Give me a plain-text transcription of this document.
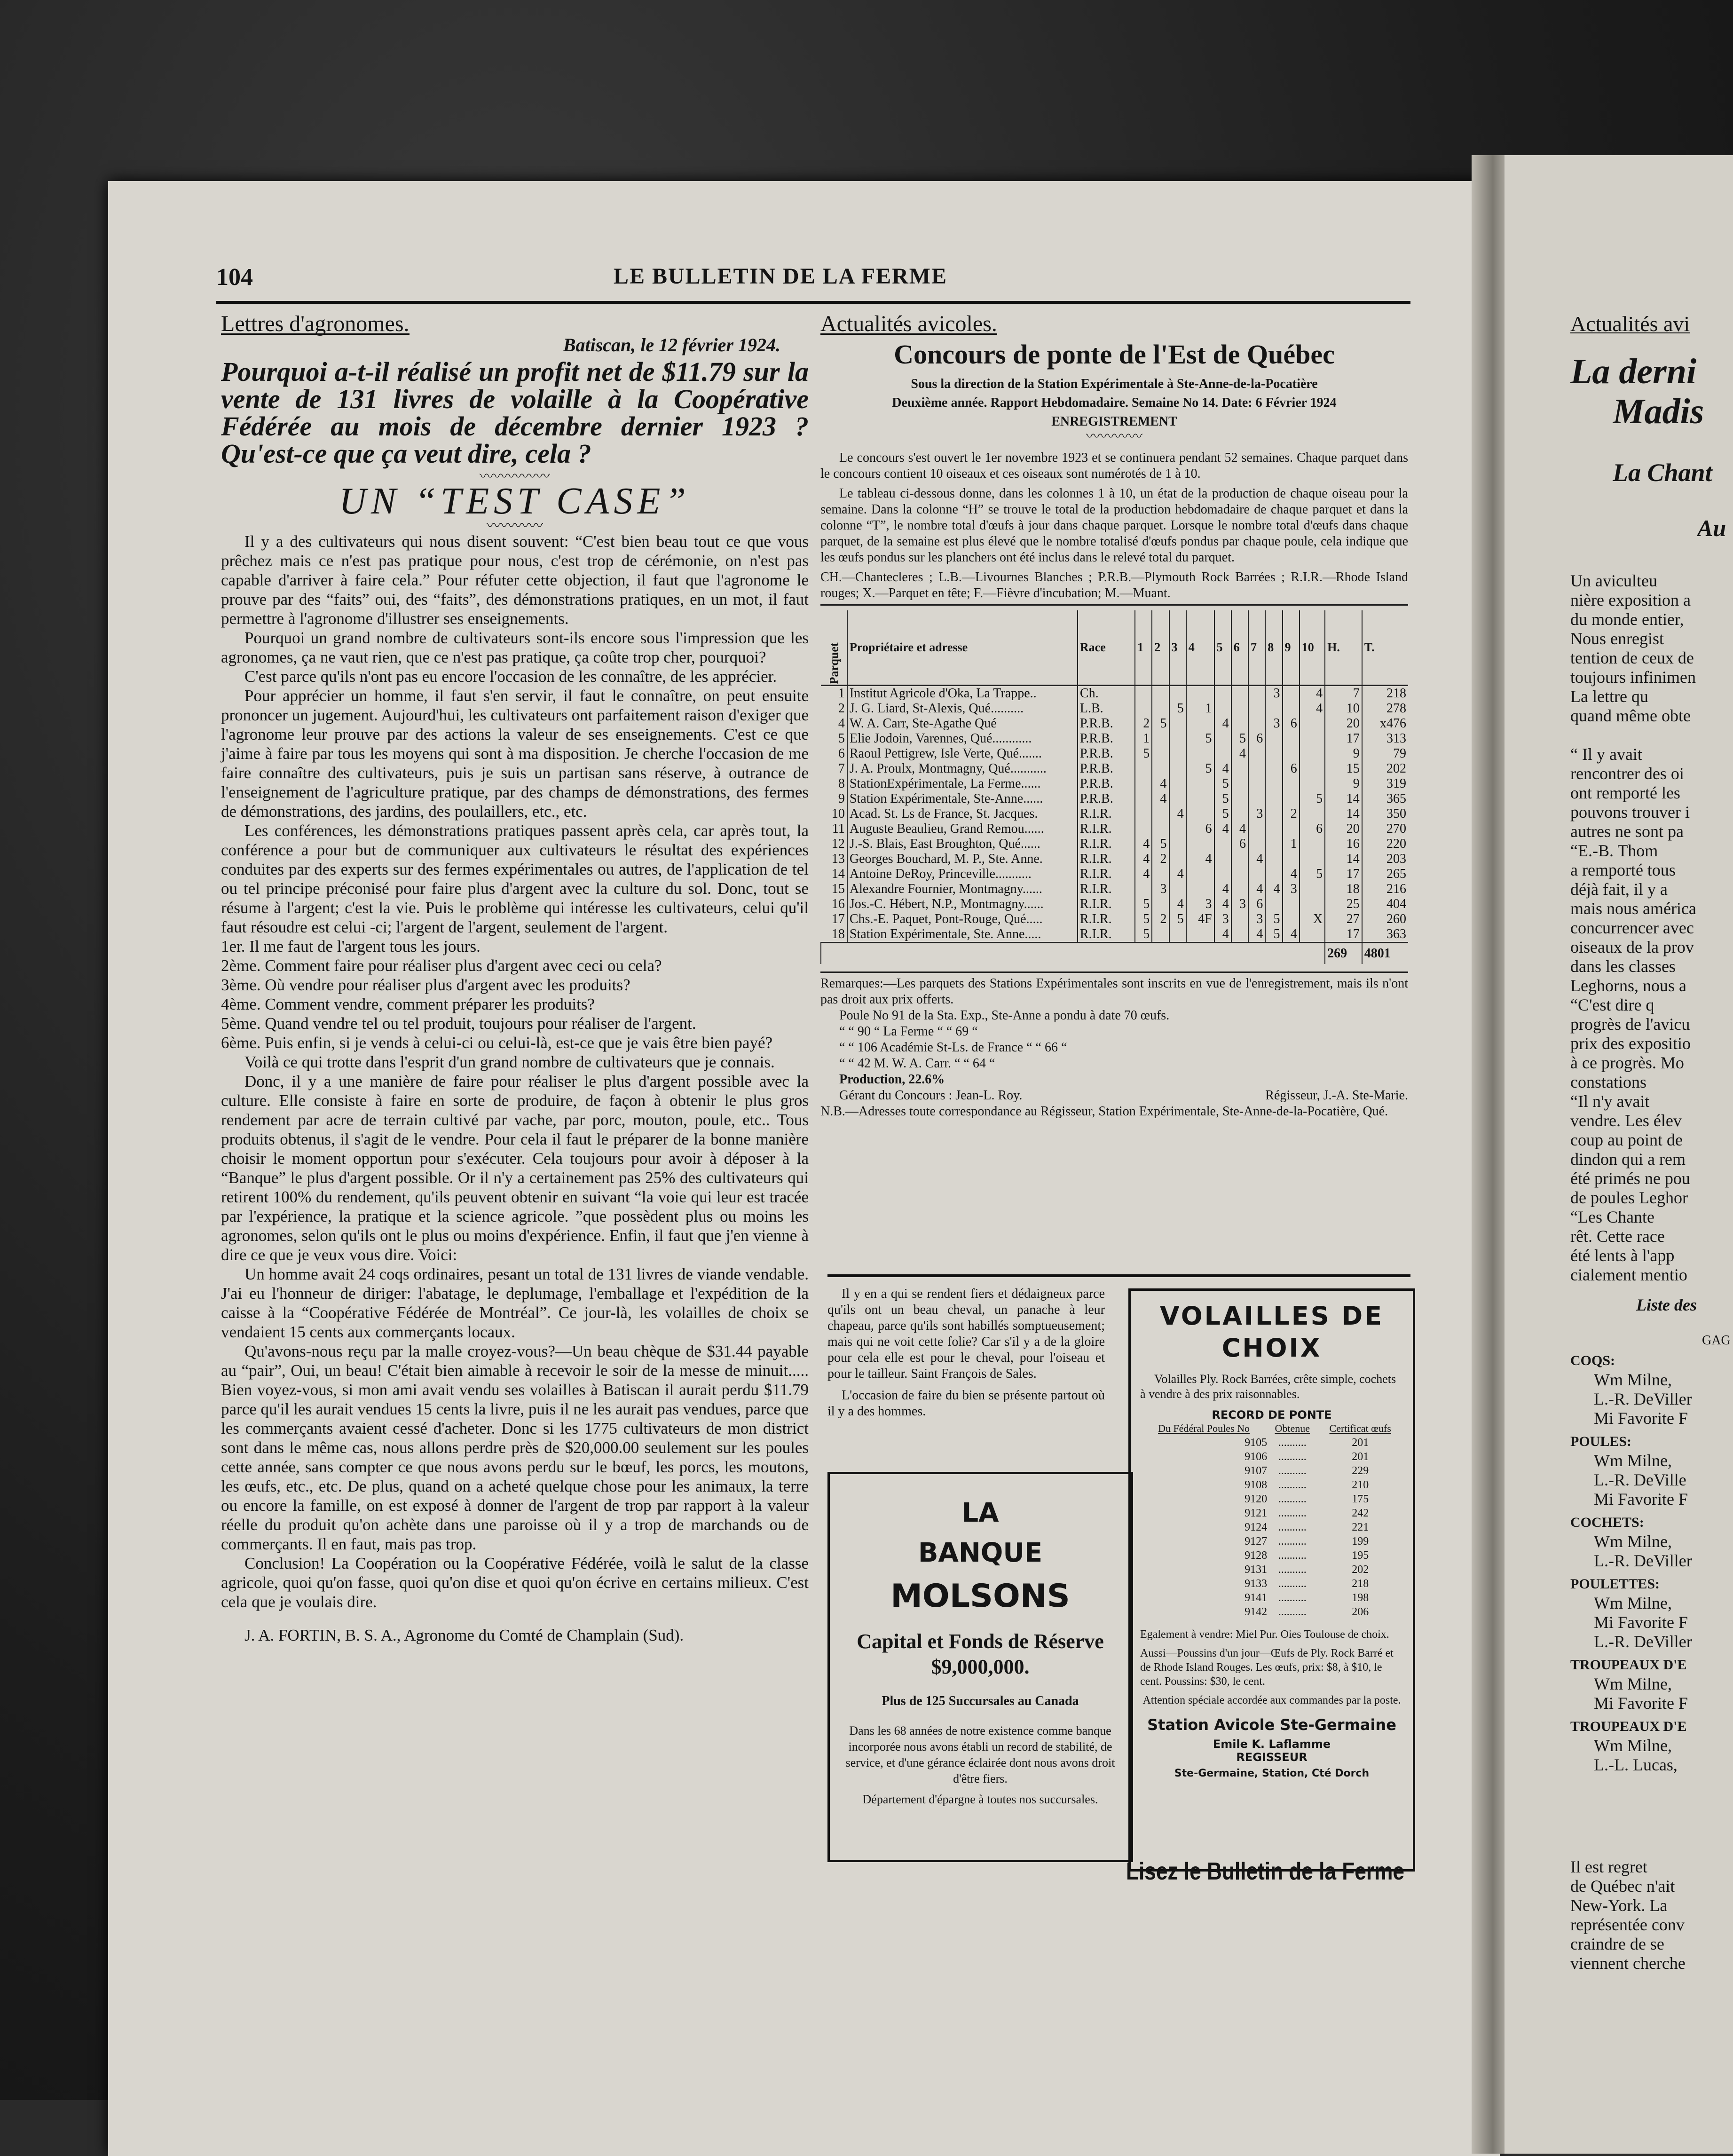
104	LE BULLETIN DE LA FERME
Lettres d'agronomes.
Batiscan, le 12 février 1924.
Pourquoi a-t-il réalisé un profit net de $11.79 sur la vente de 131 livres de volaille à la Coopérative Fédérée au mois de décembre dernier 1923 ? Qu'est-ce que ça veut dire, cela ?
〰〰〰〰〰
UN “TEST CASE”
〰〰〰〰

Il y a des cultivateurs qui nous disent souvent: “C'est bien beau tout ce que vous prêchez mais ce n'est pas pratique pour nous, c'est trop de cérémonie, on n'est pas capable d'arriver à faire cela.” Pour réfuter cette objection, il faut que l'agronome le prouve par des “faits” oui, des “faits”, des démonstrations pratiques, en un mot, il faut permettre à l'agronome d'illustrer ses enseignements.

Pourquoi un grand nombre de cultivateurs sont-ils encore sous l'impression que les agronomes, ça ne vaut rien, que ce n'est pas pratique, ça coûte trop cher, pourquoi?

C'est parce qu'ils n'ont pas eu encore l'occasion de les connaître, de les apprécier.

Pour apprécier un homme, il faut s'en servir, il faut le connaître, on peut ensuite prononcer un jugement. Aujourd'hui, les cultivateurs ont parfaitement raison d'exiger que l'agronome leur prouve par des actions la valeur de ses enseignements. C'est ce que j'aime à faire par tous les moyens qui sont à ma disposition. Je cherche l'occasion de me faire connaître des cultivateurs, puis je suis un partisan sans réserve, à outrance de l'enseignement de l'agriculture pratique, par des champs de démonstrations, des fermes de démonstrations, des jardins, des poulaillers, etc., etc.

Les conférences, les démonstrations pratiques passent après cela, car après tout, la conférence a pour but de communiquer aux cultivateurs le résultat des expériences conduites par des experts sur des fermes expérimentales ou autres, de l'application de tel ou tel principe préconisé pour faire plus d'argent avec la culture du sol. Donc, tout se résume à l'argent; c'est la vie. Puis le problème qui intéresse les cultivateurs, celui qu'il faut résoudre est celui -ci; l'argent de l'argent, seulement de l'argent.

1er. Il me faut de l'argent tous les jours.

2ème. Comment faire pour réaliser plus d'argent avec ceci ou cela?

3ème. Où vendre pour réaliser plus d'argent avec les produits?

4ème. Comment vendre, comment préparer les produits?

5ème. Quand vendre tel ou tel produit, toujours pour réaliser de l'argent.

6ème. Puis enfin, si je vends à celui-ci ou celui-là, est-ce que je vais être bien payé?

Voilà ce qui trotte dans l'esprit d'un grand nombre de cultivateurs que je connais.

Donc, il y a une manière de faire pour réaliser le plus d'argent possible avec la culture. Elle consiste à faire en sorte de produire, de façon à obtenir le plus gros rendement par acre de terrain cultivé par vache, par porc, mouton, poule, etc.. Tous produits obtenus, il s'agit de le vendre. Pour cela il faut le préparer de la bonne manière choisir le moment opportun pour s'exécuter. Cela toujours pour avoir à déposer à la “Banque” le plus d'argent possible. Or il n'y a certainement pas 25% des cultivateurs qui retirent 100% du rendement, qu'ils peuvent obtenir en suivant “la voie qui leur est tracée par l'expérience, la pratique et la science agricole. ”que possèdent plus ou moins les agronomes, selon qu'ils ont le plus ou moins d'expérience. Enfin, il faut que j'en vienne à dire ce que je veux vous dire. Voici:

Un homme avait 24 coqs ordinaires, pesant un total de 131 livres de viande vendable. J'ai eu l'honneur de diriger: l'abatage, le deplumage, l'emballage et l'expédition de la caisse à la “Coopérative Fédérée de Montréal”. Ce jour-là, les volailles de choix se vendaient 15 cents aux commerçants locaux.

Qu'avons-nous reçu par la malle croyez-vous?—Un beau chèque de $31.44 payable au “pair”, Oui, un beau! C'était bien aimable à recevoir le soir de la messe de minuit..... Bien voyez-vous, si mon ami avait vendu ses volailles à Batiscan il aurait perdu $11.79 parce qu'il les aurait vendues 15 cents la livre, puis il ne les aurait pas vendues, parce que les commerçants avaient cessé d'acheter. Donc si les 1775 cultivateurs de mon district sont dans le même cas, nous allons perdre près de $20,000.00 seulement sur les poules cette année, sans compter ce que nous avons perdu sur le bœuf, les porcs, les moutons, les œufs, etc., etc. De plus, quand on a acheté quelque chose pour les animaux, la terre ou encore la famille, on est exposé à donner de l'argent de trop par rapport à la valeur réelle du produit qu'on achète dans une paroisse où il y a trop de marchands ou de commerçants. Il en faut, mais pas trop.

Conclusion! La Coopération ou la Coopérative Fédérée, voilà le salut de la classe agricole, quoi qu'on fasse, quoi qu'on dise et quoi qu'on écrive en certains milieux. C'est cela que je voulais dire.

J. A. FORTIN, B. S. A., Agronome du Comté de Champlain (Sud).

Actualités avicoles.
Concours de ponte de l'Est de Québec
Sous la direction de la Station Expérimentale à Ste-Anne-de-la-Pocatière
Deuxième année. Rapport Hebdomadaire. Semaine No 14. Date: 6 Février 1924
ENREGISTREMENT
〰〰〰〰

Le concours s'est ouvert le 1er novembre 1923 et se continuera pendant 52 semaines. Chaque parquet dans le concours contient 10 oiseaux et ces oiseaux sont numérotés de 1 à 10.

Le tableau ci-dessous donne, dans les colonnes 1 à 10, un état de la production de chaque oiseau pour la semaine. Dans la colonne “H” se trouve le total de la production hebdomadaire de chaque parquet et dans la colonne “T”, le nombre total d'œufs à jour dans chaque parquet. Lorsque le nombre total d'œufs dans chaque parquet, de la semaine est plus élevé que le nombre totalisé d'œufs pondus par chaque poule, cela indique que les œufs pondus sur les planchers ont été inclus dans le relevé total du parquet.

CH.—Chantecleres ; L.B.—Livournes Blanches ; P.R.B.—Plymouth Rock Barrées ; R.I.R.—Rhode Island rouges; X.—Parquet en tête; F.—Fièvre d'incubation; M.—Muant.

Parquet	Propriétaire et adresse	Race	1	2	3	4	5	6	7	8	9	10	H.	T.
1	Institut Agricole d'Oka, La Trappe..	Ch.								3		4	7	218
2	J. G. Liard, St-Alexis, Qué..........	L.B.			5	1						4	10	278
4	W. A. Carr, Ste-Agathe Qué	P.R.B.	2	5			4			3	6		20	x476
5	Elie Jodoin, Varennes, Qué............	P.R.B.	1			5		5	6				17	313
6	Raoul Pettigrew, Isle Verte, Qué.......	P.R.B.	5					4					9	79
7	J. A. Proulx, Montmagny, Qué...........	P.R.B.				5	4				6		15	202
8	StationExpérimentale, La Ferme......	P.R.B.		4			5						9	319
9	Station Expérimentale, Ste-Anne......	P.R.B.		4			5					5	14	365
10	Acad. St. Ls de France, St. Jacques.	R.I.R.			4		5		3		2		14	350
11	Auguste Beaulieu, Grand Remou......	R.I.R.				6	4	4				6	20	270
12	J.-S. Blais, East Broughton, Qué......	R.I.R.	4	5				6			1		16	220
13	Georges Bouchard, M. P., Ste. Anne.	R.I.R.	4	2		4			4				14	203
14	Antoine DeRoy, Princeville...........	R.I.R.	4		4						4	5	17	265
15	Alexandre Fournier, Montmagny......	R.I.R.		3			4		4	4	3		18	216
16	Jos.-C. Hébert, N.P., Montmagny......	R.I.R.	5		4	3	4	3	6				25	404
17	Chs.-E. Paquet, Pont-Rouge, Qué.....	R.I.R.	5	2	5	4F	3		3	5		X	27	260
18	Station Expérimentale, Ste. Anne.....	R.I.R.	5				4		4	5	4		17	363
													269	4801

Remarques:—Les parquets des Stations Expérimentales sont inscrits en vue de l'enregistrement, mais ils n'ont pas droit aux prix offerts.

Poule No 91 de la Sta. Exp., Ste-Anne a pondu à date 70 œufs.
“ “ 90 “ La Ferme “ “ 69 “
“ “ 106 Académie St-Ls. de France “ “ 66 “
“ “ 42 M. W. A. Carr. “ “ 64 “

Production, 22.6%

Gérant du Concours : Jean-L. Roy.	Régisseur, J.-A. Ste-Marie.

N.B.—Adresses toute correspondance au Régisseur, Station Expérimentale, Ste-Anne-de-la-Pocatière, Qué.

Il y en a qui se rendent fiers et dédaigneux parce qu'ils ont un beau cheval, un panache à leur chapeau, parce qu'ils sont habillés somptueusement; mais qui ne voit cette folie? Car s'il y a de la gloire pour cela elle est pour le cheval, pour l'oiseau et pour le tailleur. Saint François de Sales.

L'occasion de faire du bien se présente partout où il y a des hommes.

LA
BANQUE
MOLSONS
Capital et Fonds de Réserve $9,000,000.
Plus de 125 Succursales au Canada
Dans les 68 années de notre existence comme banque incorporée nous avons établi un record de stabilité, de service, et d'une gérance éclairée dont nous avons droit d'être fiers.
Département d'épargne à toutes nos succursales.
VOLAILLES DE CHOIX
Volailles Ply. Rock Barrées, crête simple, cochets à vendre à des prix raisonnables.
RECORD DE PONTE
Du Fédéral Poules No	Obtenue	Certificat œufs
9105	..........	201
9106	..........	201
9107	..........	229
9108	..........	210
9120	..........	175
9121	..........	242
9124	..........	221
9127	..........	199
9128	..........	195
9131	..........	202
9133	..........	218
9141	..........	198
9142	..........	206
Egalement à vendre: Miel Pur. Oies Toulouse de choix.
Aussi—Poussins d'un jour—Œufs de Ply. Rock Barré et de Rhode Island Rouges. Les œufs, prix: $8, à $10, le cent. Poussins: $30, le cent.
Attention spéciale accordée aux commandes par la poste.
Station Avicole Ste-Germaine
Emile K. Laflamme
REGISSEUR
Ste-Germaine, Station, Cté Dorch
Lisez le Bulletin de la Ferme
Actualités avi
La derni
Madis
La Chant
Au
Un aviculteu
nière exposition a
du monde entier,
Nous enregist
tention de ceux de
toujours infinimen
La lettre qu
quand même obte
“ Il y avait
rencontrer des oi
ont remporté les
pouvons trouver i
autres ne sont pa
“E.-B. Thom
a remporté tous
déjà fait, il y a
mais nous américa
concurrencer avec
oiseaux de la prov
dans les classes
Leghorns, nous a
“C'est dire q
progrès de l'avicu
prix des expositio
à ce progrès. Mo
constations
“Il n'y avait
vendre. Les élev
coup au point de
dindon qui a rem
été primés ne pou
de poules Leghor
“Les Chante
rêt. Cette race
été lents à l'app
cialement mentio
Liste des
GAG
COQS:
Wm Milne,
L.-R. DeViller
Mi Favorite F
POULES:
Wm Milne,
L.-R. DeVille
Mi Favorite F
COCHETS:
Wm Milne,
L.-R. DeViller
POULETTES:
Wm Milne,
Mi Favorite F
L.-R. DeViller
TROUPEAUX D'E
Wm Milne,
Mi Favorite F
TROUPEAUX D'E
Wm Milne,
L.-L. Lucas,
Il est regret
de Québec n'ait
New-York. La
représentée conv
craindre de se
viennent cherche
